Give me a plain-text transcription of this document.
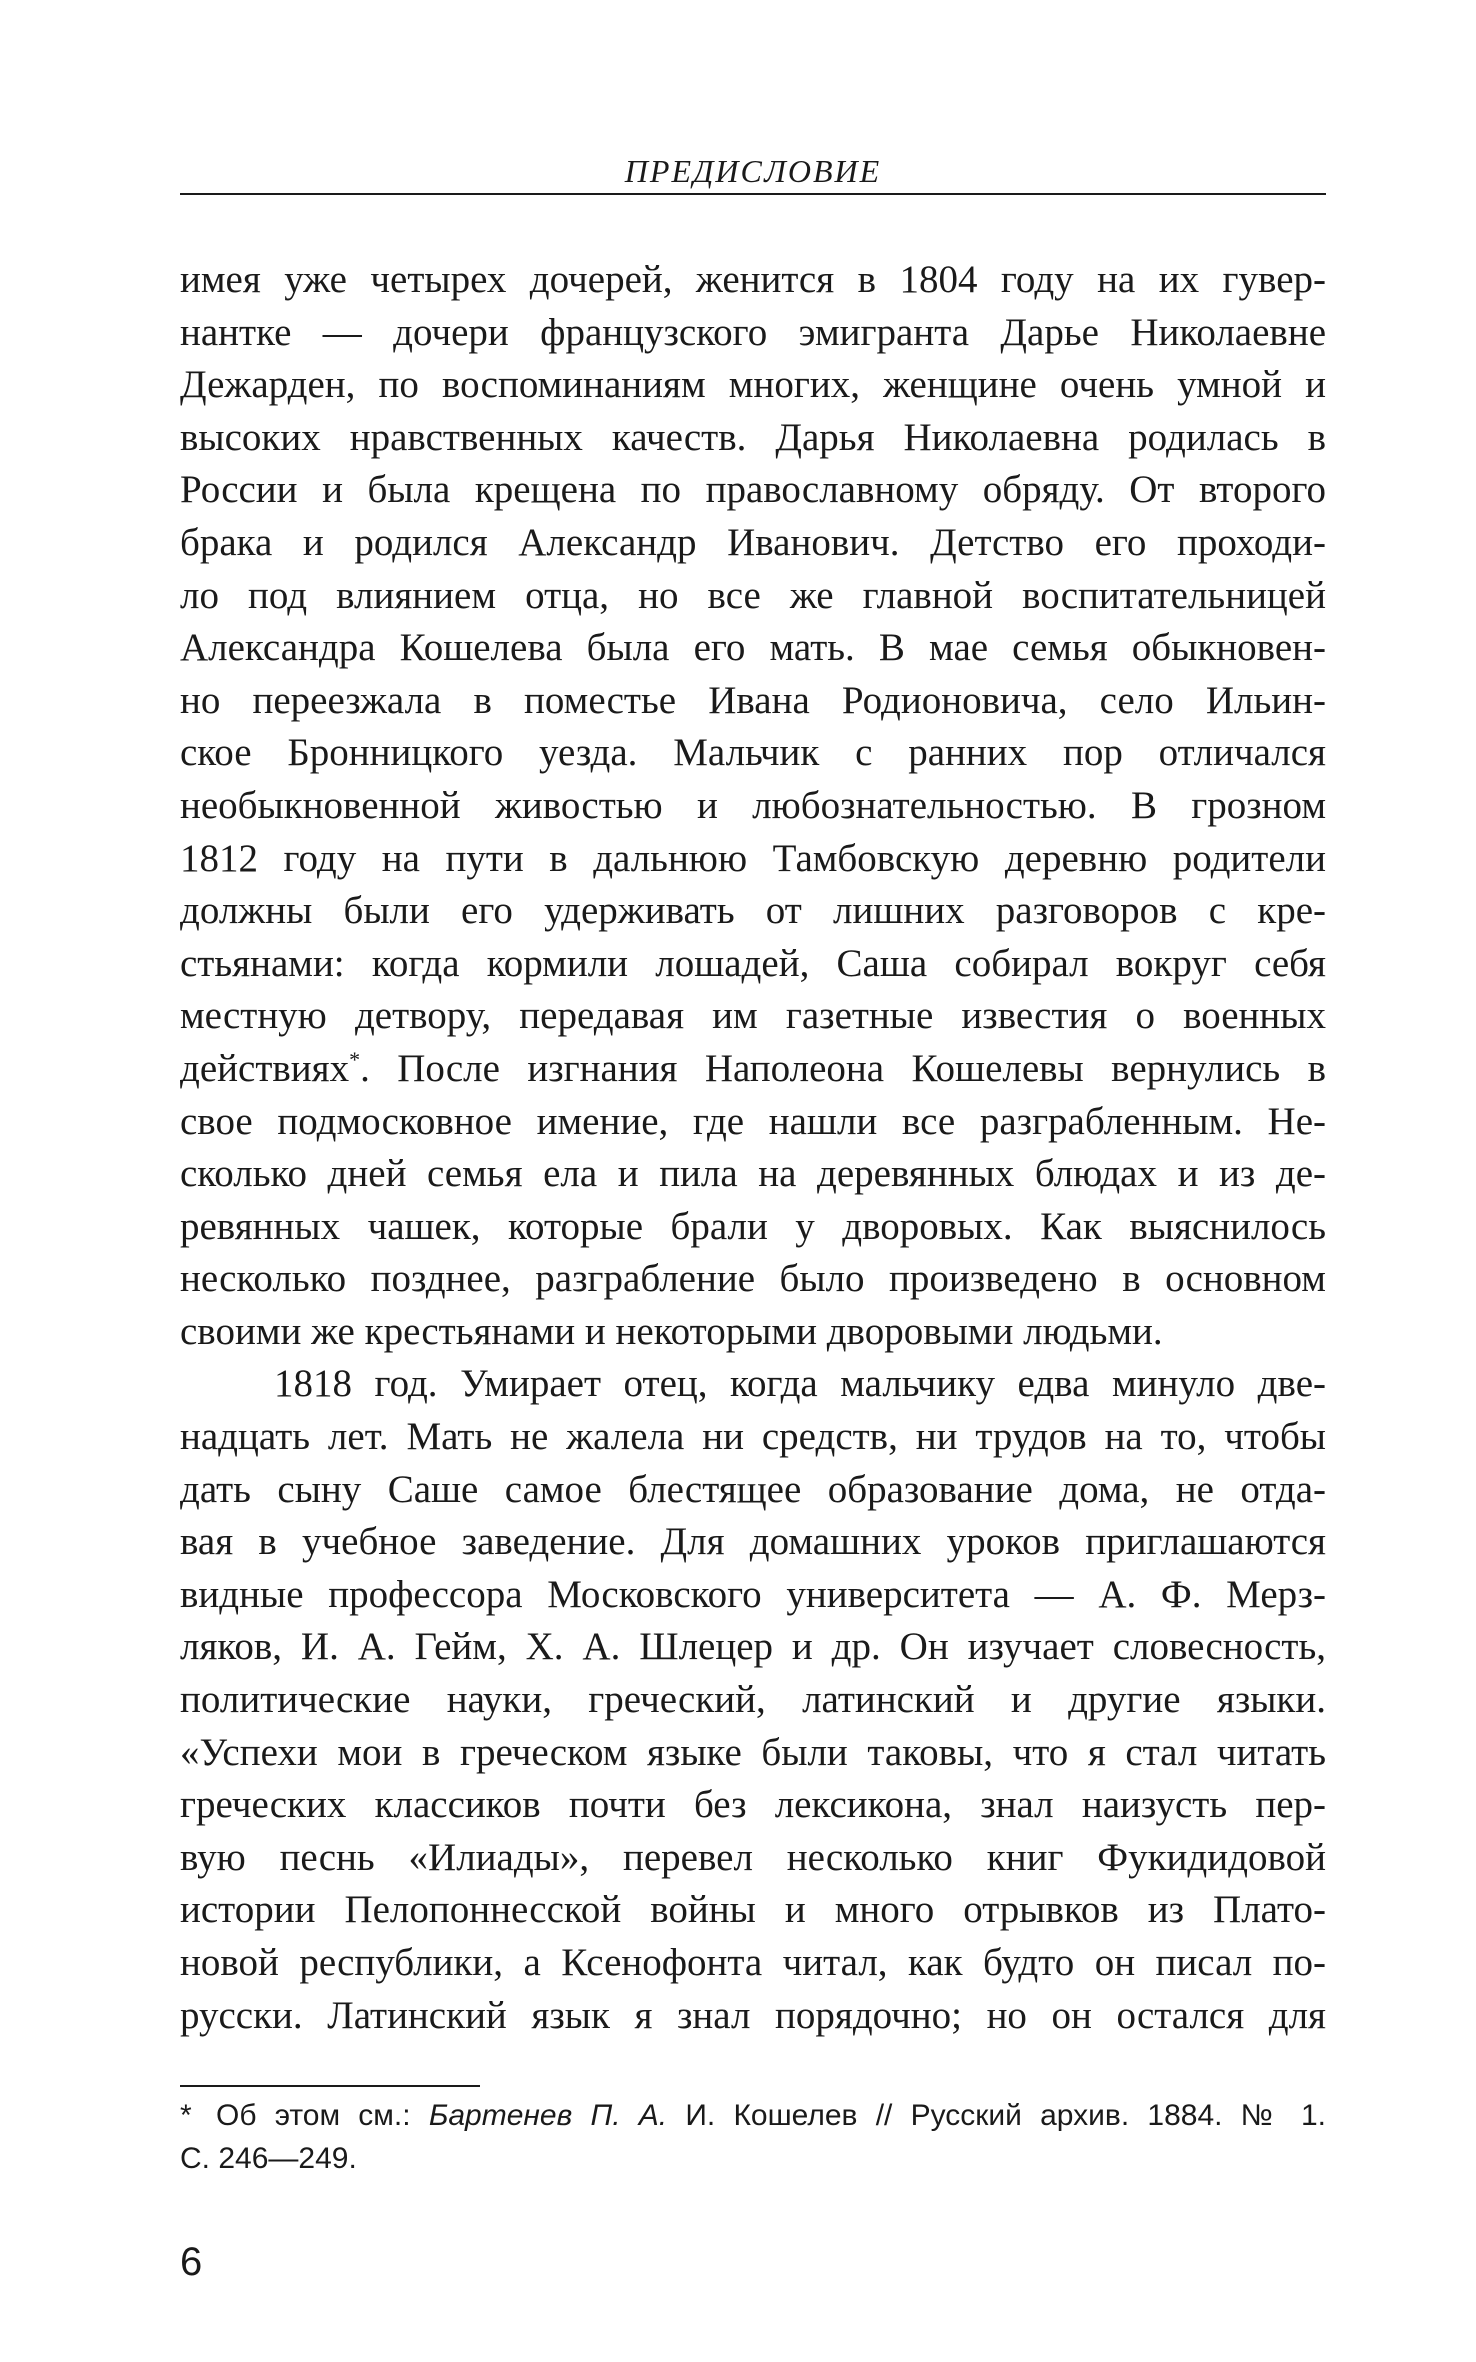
ПРЕДИСЛОВИЕ
имея уже четырех дочерей, женится в 1804 году на их гувер-
нантке — дочери французского эмигранта Дарье Николаевне
Дежарден, по воспоминаниям многих, женщине очень умной и
высоких нравственных качеств. Дарья Николаевна родилась в
России и была крещена по православному обряду. От второго
брака и родился Александр Иванович. Детство его проходи-
ло под влиянием отца, но все же главной воспитательницей
Александра Кошелева была его мать. В мае семья обыкновен-
но переезжала в поместье Ивана Родионовича, село Ильин-
ское Бронницкого уезда. Мальчик с ранних пор отличался
необыкновенной живостью и любознательностью. В грозном
1812 году на пути в дальнюю Тамбовскую деревню родители
должны были его удерживать от лишних разговоров с кре-
стьянами: когда кормили лошадей, Саша собирал вокруг себя
местную детвору, передавая им газетные известия о военных
действиях*. После изгнания Наполеона Кошелевы вернулись в
свое подмосковное имение, где нашли все разграбленным. Не-
сколько дней семья ела и пила на деревянных блюдах и из де-
ревянных чашек, которые брали у дворовых. Как выяснилось
несколько позднее, разграбление было произведено в основном
своими же крестьянами и некоторыми дворовыми людьми.
1818 год. Умирает отец, когда мальчику едва минуло две-
надцать лет. Мать не жалела ни средств, ни трудов на то, чтобы
дать сыну Саше самое блестящее образование дома, не отда-
вая в учебное заведение. Для домашних уроков приглашаются
видные профессора Московского университета — А. Ф. Мерз-
ляков, И. А. Гейм, Х. А. Шлецер и др. Он изучает словесность,
политические науки, греческий, латинский и другие языки.
«Успехи мои в греческом языке были таковы, что я стал читать
греческих классиков почти без лексикона, знал наизусть пер-
вую песнь «Илиады», перевел несколько книг Фукидидовой
истории Пелопоннесской войны и много отрывков из Плато-
новой республики, а Ксенофонта читал, как будто он писал по-
русски. Латинский язык я знал порядочно; но он остался для
* Об этом см.: Бартенев П. А. И. Кошелев // Русский архив. 1884. № 1.
С. 246—249.
6
